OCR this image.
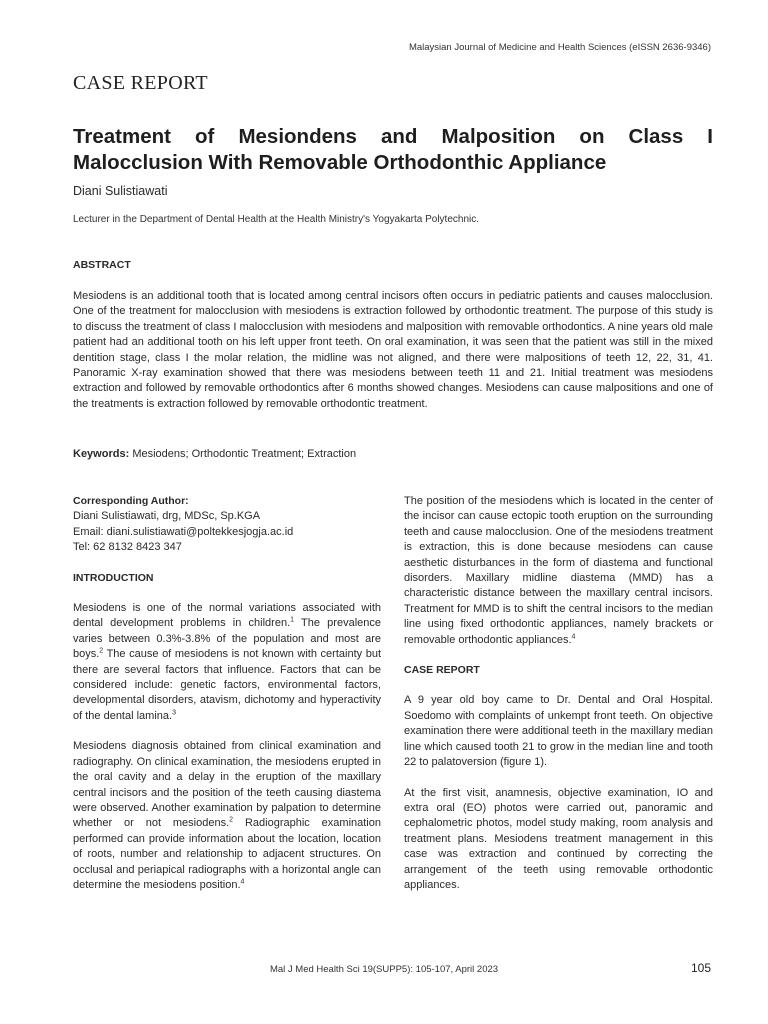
Malaysian Journal of Medicine and Health Sciences (eISSN 2636-9346)
CASE REPORT
Treatment of Mesiondens and Malposition on Class I Malocclusion With Removable Orthodonthic Appliance
Diani Sulistiawati
Lecturer in the Department of Dental Health at the Health Ministry's Yogyakarta Polytechnic.
ABSTRACT

Mesiodens is an additional tooth that is located among central incisors often occurs in pediatric patients and causes malocclusion. One of the treatment for malocclusion with mesiodens is extraction followed by orthodontic treatment. The purpose of this study is to discuss the treatment of class I malocclusion with mesiodens and malposition with removable orthodontics. A nine years old male patient had an additional tooth on his left upper front teeth. On oral examination, it was seen that the patient was still in the mixed dentition stage, class I the molar relation, the midline was not aligned, and there were malpositions of teeth 12, 22, 31, 41. Panoramic X-ray examination showed that there was mesiodens between teeth 11 and 21. Initial treatment was mesiodens extraction and followed by removable orthodontics after 6 months showed changes. Mesiodens can cause malpositions and one of the treatments is extraction followed by removable orthodontic treatment.

Keywords: Mesiodens; Orthodontic Treatment; Extraction
Corresponding Author:
Diani Sulistiawati, drg, MDSc, Sp.KGA
Email: diani.sulistiawati@poltekkesjogja.ac.id
Tel: 62 8132 8423 347
INTRODUCTION

Mesiodens is one of the normal variations associated with dental development problems in children.$^1$ The prevalence varies between 0.3%-3.8% of the population and most are boys.$^2$ The cause of mesiodens is not known with certainty but there are several factors that influence. Factors that can be considered include: genetic factors, environmental factors, developmental disorders, atavism, dichotomy and hyperactivity of the dental lamina.$^3$

Mesiodens diagnosis obtained from clinical examination and radiography. On clinical examination, the mesiodens erupted in the oral cavity and a delay in the eruption of the maxillary central incisors and the position of the teeth causing diastema were observed. Another examination by palpation to determine whether or not mesiodens.$^2$ Radiographic examination performed can provide information about the location, location of roots, number and relationship to adjacent structures. On occlusal and periapical radiographs with a horizontal angle can determine the mesiodens position.$^4$

The position of the mesiodens which is located in the center of the incisor can cause ectopic tooth eruption on the surrounding teeth and cause malocclusion. One of the mesiodens treatment is extraction, this is done because mesiodens can cause aesthetic disturbances in the form of diastema and functional disorders. Maxillary midline diastema (MMD) has a characteristic distance between the maxillary central incisors. Treatment for MMD is to shift the central incisors to the median line using fixed orthodontic appliances, namely brackets or removable orthodontic appliances.$^4$

CASE REPORT

A 9 year old boy came to Dr. Dental and Oral Hospital. Soedomo with complaints of unkempt front teeth. On objective examination there were additional teeth in the maxillary median line which caused tooth 21 to grow in the median line and tooth 22 to palatoversion (figure 1).

At the first visit, anamnesis, objective examination, IO and extra oral (EO) photos were carried out, panoramic and cephalometric photos, model study making, room analysis and treatment plans. Mesiodens treatment management in this case was extraction and continued by correcting the arrangement of the teeth using removable orthodontic appliances.

Mal J Med Health Sci 19(SUPP5): 105-107, April 2023	105
